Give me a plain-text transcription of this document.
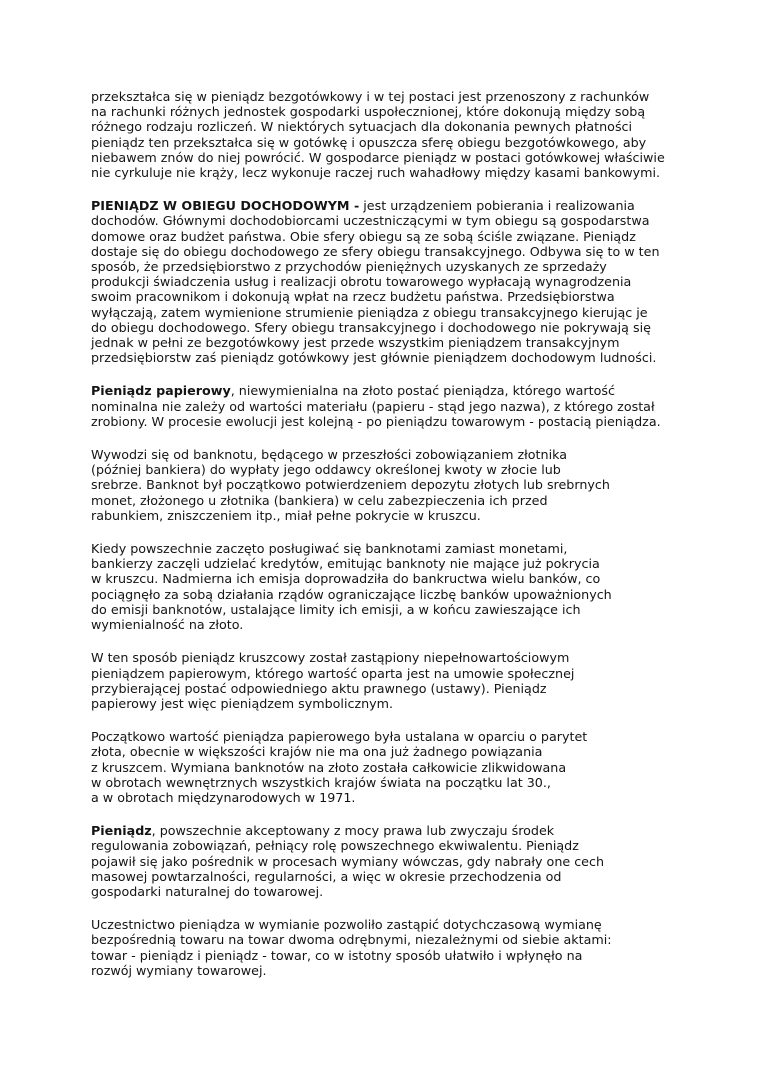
przekształca się w pieniądz bezgotówkowy i w tej postaci jest przenoszony z rachunków
na rachunki różnych jednostek gospodarki uspołecznionej, które dokonują między sobą
różnego rodzaju rozliczeń. W niektórych sytuacjach dla dokonania pewnych płatności
pieniądz ten przekształca się w gotówkę i opuszcza sferę obiegu bezgotówkowego, aby
niebawem znów do niej powrócić. W gospodarce pieniądz w postaci gotówkowej właściwie
nie cyrkuluje nie krąży, lecz wykonuje raczej ruch wahadłowy między kasami bankowymi.

PIENIĄDZ W OBIEGU DOCHODOWYM - jest urządzeniem pobierania i realizowania
dochodów. Głównymi dochodobiorcami uczestniczącymi w tym obiegu są gospodarstwa
domowe oraz budżet państwa. Obie sfery obiegu są ze sobą ściśle związane. Pieniądz
dostaje się do obiegu dochodowego ze sfery obiegu transakcyjnego. Odbywa się to w ten
sposób, że przedsiębiorstwo z przychodów pieniężnych uzyskanych ze sprzedaży
produkcji świadczenia usług i realizacji obrotu towarowego wypłacają wynagrodzenia
swoim pracownikom i dokonują wpłat na rzecz budżetu państwa. Przedsiębiorstwa
wyłączają, zatem wymienione strumienie pieniądza z obiegu transakcyjnego kierując je
do obiegu dochodowego. Sfery obiegu transakcyjnego i dochodowego nie pokrywają się
jednak w pełni ze bezgotówkowy jest przede wszystkim pieniądzem transakcyjnym
przedsiębiorstw zaś pieniądz gotówkowy jest głównie pieniądzem dochodowym ludności.

Pieniądz papierowy, niewymienialna na złoto postać pieniądza, którego wartość
nominalna nie zależy od wartości materiału (papieru - stąd jego nazwa), z którego został
zrobiony. W procesie ewolucji jest kolejną - po pieniądzu towarowym - postacią pieniądza.

Wywodzi się od banknotu, będącego w przeszłości zobowiązaniem złotnika
(później bankiera) do wypłaty jego oddawcy określonej kwoty w złocie lub
srebrze. Banknot był początkowo potwierdzeniem depozytu złotych lub srebrnych
monet, złożonego u złotnika (bankiera) w celu zabezpieczenia ich przed
rabunkiem, zniszczeniem itp., miał pełne pokrycie w kruszcu.

Kiedy powszechnie zaczęto posługiwać się banknotami zamiast monetami,
bankierzy zaczęli udzielać kredytów, emitując banknoty nie mające już pokrycia
w kruszcu. Nadmierna ich emisja doprowadziła do bankructwa wielu banków, co
pociągnęło za sobą działania rządów ograniczające liczbę banków upoważnionych
do emisji banknotów, ustalające limity ich emisji, a w końcu zawieszające ich
wymienialność na złoto.

W ten sposób pieniądz kruszcowy został zastąpiony niepełnowartościowym
pieniądzem papierowym, którego wartość oparta jest na umowie społecznej
przybierającej postać odpowiedniego aktu prawnego (ustawy). Pieniądz
papierowy jest więc pieniądzem symbolicznym.

Początkowo wartość pieniądza papierowego była ustalana w oparciu o parytet
złota, obecnie w większości krajów nie ma ona już żadnego powiązania
z kruszcem. Wymiana banknotów na złoto została całkowicie zlikwidowana
w obrotach wewnętrznych wszystkich krajów świata na początku lat 30.,
a w obrotach międzynarodowych w 1971.

Pieniądz, powszechnie akceptowany z mocy prawa lub zwyczaju środek
regulowania zobowiązań, pełniący rolę powszechnego ekwiwalentu. Pieniądz
pojawił się jako pośrednik w procesach wymiany wówczas, gdy nabrały one cech
masowej powtarzalności, regularności, a więc w okresie przechodzenia od
gospodarki naturalnej do towarowej.

Uczestnictwo pieniądza w wymianie pozwoliło zastąpić dotychczasową wymianę
bezpośrednią towaru na towar dwoma odrębnymi, niezależnymi od siebie aktami:
towar - pieniądz i pieniądz - towar, co w istotny sposób ułatwiło i wpłynęło na
rozwój wymiany towarowej.
